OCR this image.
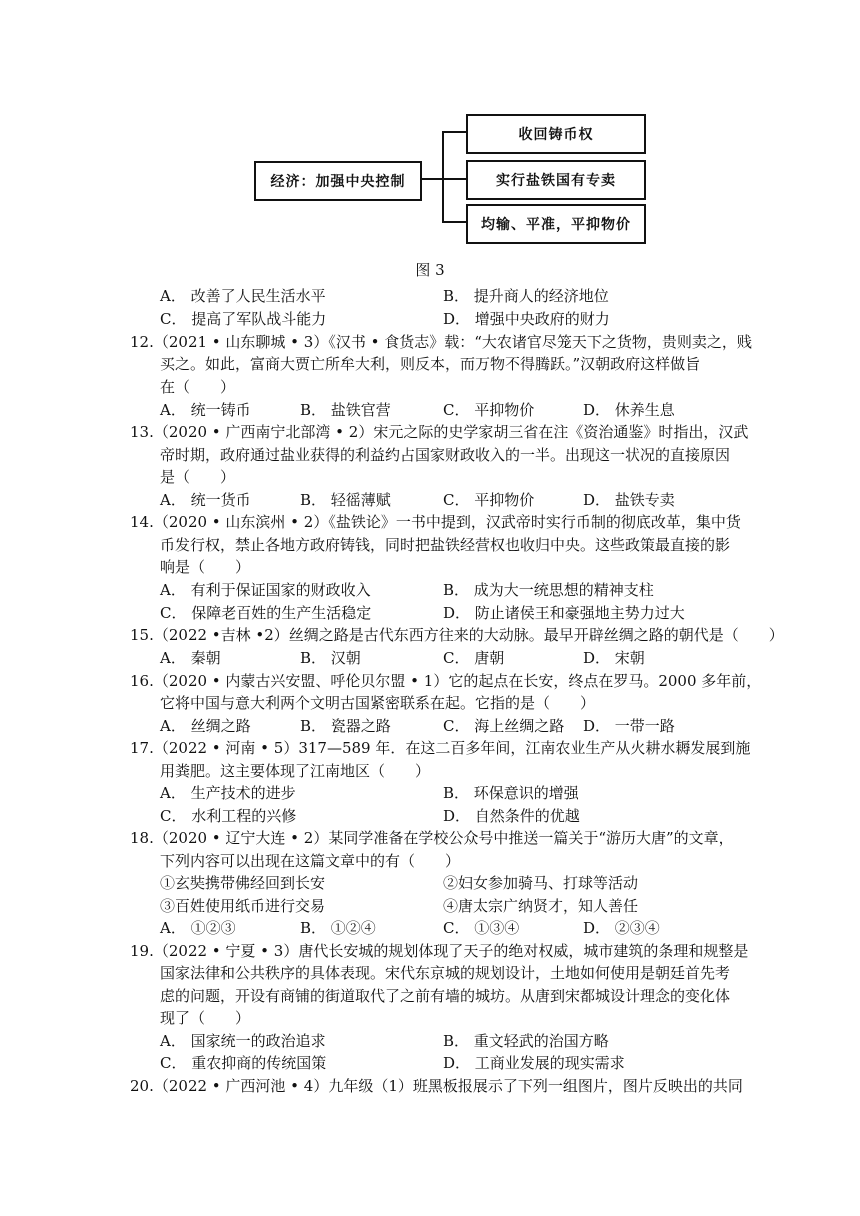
经济：加强中央控制
收回铸币权
实行盐铁国有专卖
均输、平准，平抑物价
图 3
A． 改善了人民生活水平	B． 提升商人的经济地位
C． 提高了军队战斗能力	D． 增强中央政府的财力
12.（2021 • 山东聊城 • 3）《汉书 • 食货志》载：“大农诸官尽笼天下之货物，贵则卖之，贱
买之。如此，富商大贾亡所牟大利，则反本，而万物不得腾跃。”汉朝政府这样做旨
在（　　）
A． 统一铸币	B． 盐铁官营	C． 平抑物价	D． 休养生息
13.（2020 • 广西南宁北部湾 • 2）宋元之际的史学家胡三省在注《资治通鉴》时指出，汉武
帝时期，政府通过盐业获得的利益约占国家财政收入的一半。出现这一状况的直接原因
是（　　）
A． 统一货币	B． 轻徭薄赋	C． 平抑物价	D． 盐铁专卖
14.（2020 • 山东滨州 • 2）《盐铁论》一书中提到，汉武帝时实行币制的彻底改革，集中货
币发行权，禁止各地方政府铸钱，同时把盐铁经营权也收归中央。这些政策最直接的影
响是（　　）
A． 有利于保证国家的财政收入	B． 成为大一统思想的精神支柱
C． 保障老百姓的生产生活稳定	D． 防止诸侯王和豪强地主势力过大
15.（2022 •吉林 •2）丝绸之路是古代东西方往来的大动脉。最早开辟丝绸之路的朝代是（　　）
A． 秦朝	B． 汉朝	C． 唐朝	D． 宋朝
16.（2020 • 内蒙古兴安盟、呼伦贝尔盟 • 1）它的起点在长安，终点在罗马。2000 多年前，
它将中国与意大利两个文明古国紧密联系在起。它指的是（　　）
A． 丝绸之路	B． 瓷器之路	C． 海上丝绸之路 D． 一带一路
17.（2022 • 河南 • 5）317—589 年．在这二百多年间，江南农业生产从火耕水耨发展到施
用粪肥。这主要体现了江南地区（　　）
A． 生产技术的进步	B． 环保意识的增强
C． 水利工程的兴修	D． 自然条件的优越
18.（2020 • 辽宁大连 • 2）某同学准备在学校公众号中推送一篇关于“游历大唐”的文章，
下列内容可以出现在这篇文章中的有（　　）
①玄奘携带佛经回到长安	②妇女参加骑马、打球等活动
③百姓使用纸币进行交易	④唐太宗广纳贤才，知人善任
A． ①②③	B． ①②④	C． ①③④	D． ②③④
19.（2022 • 宁夏 • 3）唐代长安城的规划体现了天子的绝对权威，城市建筑的条理和规整是
国家法律和公共秩序的具体表现。宋代东京城的规划设计，土地如何使用是朝廷首先考
虑的问题，开设有商铺的街道取代了之前有墙的城坊。从唐到宋都城设计理念的变化体
现了（　　）
A． 国家统一的政治追求	B． 重文轻武的治国方略
C． 重农抑商的传统国策	D． 工商业发展的现实需求
20.（2022 • 广西河池 • 4）九年级（1）班黑板报展示了下列一组图片，图片反映出的共同
